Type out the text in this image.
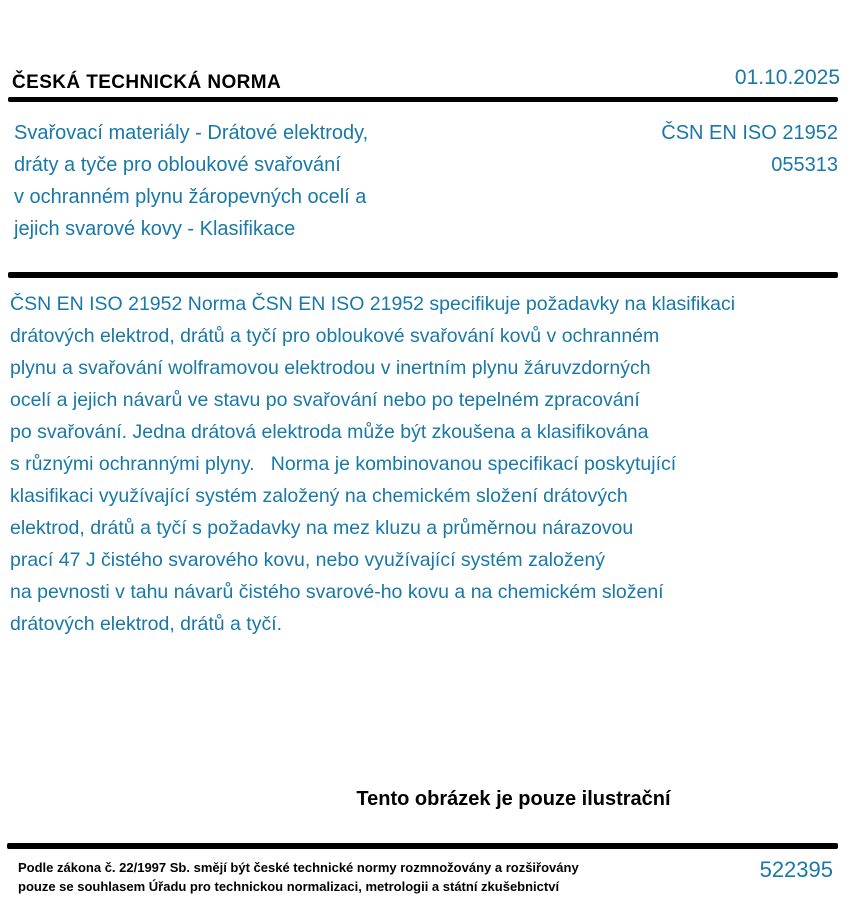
ČESKÁ TECHNICKÁ NORMA	01.10.2025
Svařovací materiály - Drátové elektrody,
dráty a tyče pro obloukové svařování
v ochranném plynu žáropevných ocelí a
jejich svarové kovy - Klasifikace
ČSN EN ISO 21952
055313
ČSN EN ISO 21952 Norma ČSN EN ISO 21952 specifikuje požadavky na klasifikaci
drátových elektrod, drátů a tyčí pro obloukové svařování kovů v ochranném
plynu a svařování wolframovou elektrodou v inertním plynu žáruvzdorných
ocelí a jejich návarů ve stavu po svařování nebo po tepelném zpracování
po svařování. Jedna drátová elektroda může být zkoušena a klasifikována
s různými ochrannými plyny.   Norma je kombinovanou specifikací poskytující
klasifikaci využívající systém založený na chemickém složení drátových
elektrod, drátů a tyčí s požadavky na mez kluzu a průměrnou nárazovou
prací 47 J čistého svarového kovu, nebo využívající systém založený
na pevnosti v tahu návarů čistého svarové-ho kovu a na chemickém složení
drátových elektrod, drátů a tyčí.
Tento obrázek je pouze ilustrační
Podle zákona č. 22/1997 Sb. smějí být české technické normy rozmnožovány a rozšiřovány
pouze se souhlasem Úřadu pro technickou normalizaci, metrologii a státní zkušebnictví
522395
